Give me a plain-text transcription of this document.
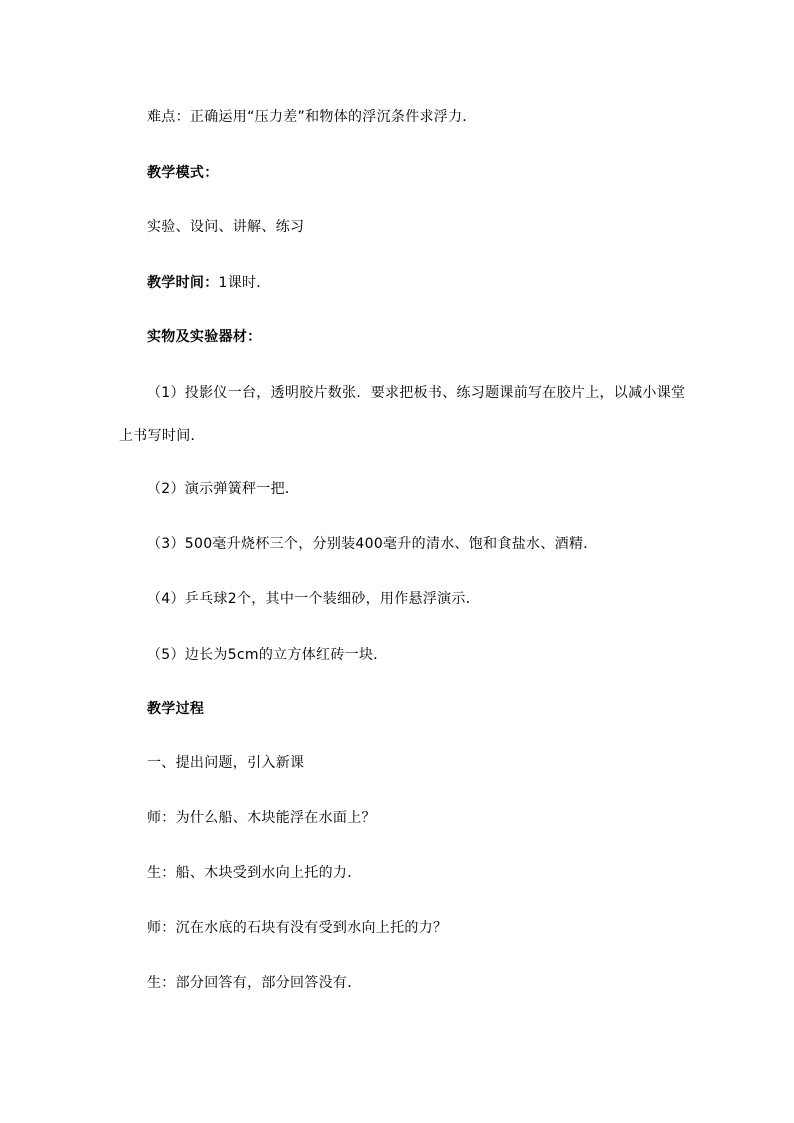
难点：正确运用“压力差”和物体的浮沉条件求浮力．
教学模式：
实验、设问、讲解、练习
教学时间：1课时．
实物及实验器材：
（1）投影仪一台，透明胶片数张．要求把板书、练习题课前写在胶片上，以减小课堂
上书写时间．
（2）演示弹簧秤一把．
（3）500毫升烧杯三个，分别装400毫升的清水、饱和食盐水、酒精．
（4）乒乓球2个，其中一个装细砂，用作悬浮演示．
（5）边长为5cm的立方体红砖一块．
教学过程
一、提出问题，引入新课
师：为什么船、木块能浮在水面上？
生：船、木块受到水向上托的力．
师：沉在水底的石块有没有受到水向上托的力？
生：部分回答有，部分回答没有．
